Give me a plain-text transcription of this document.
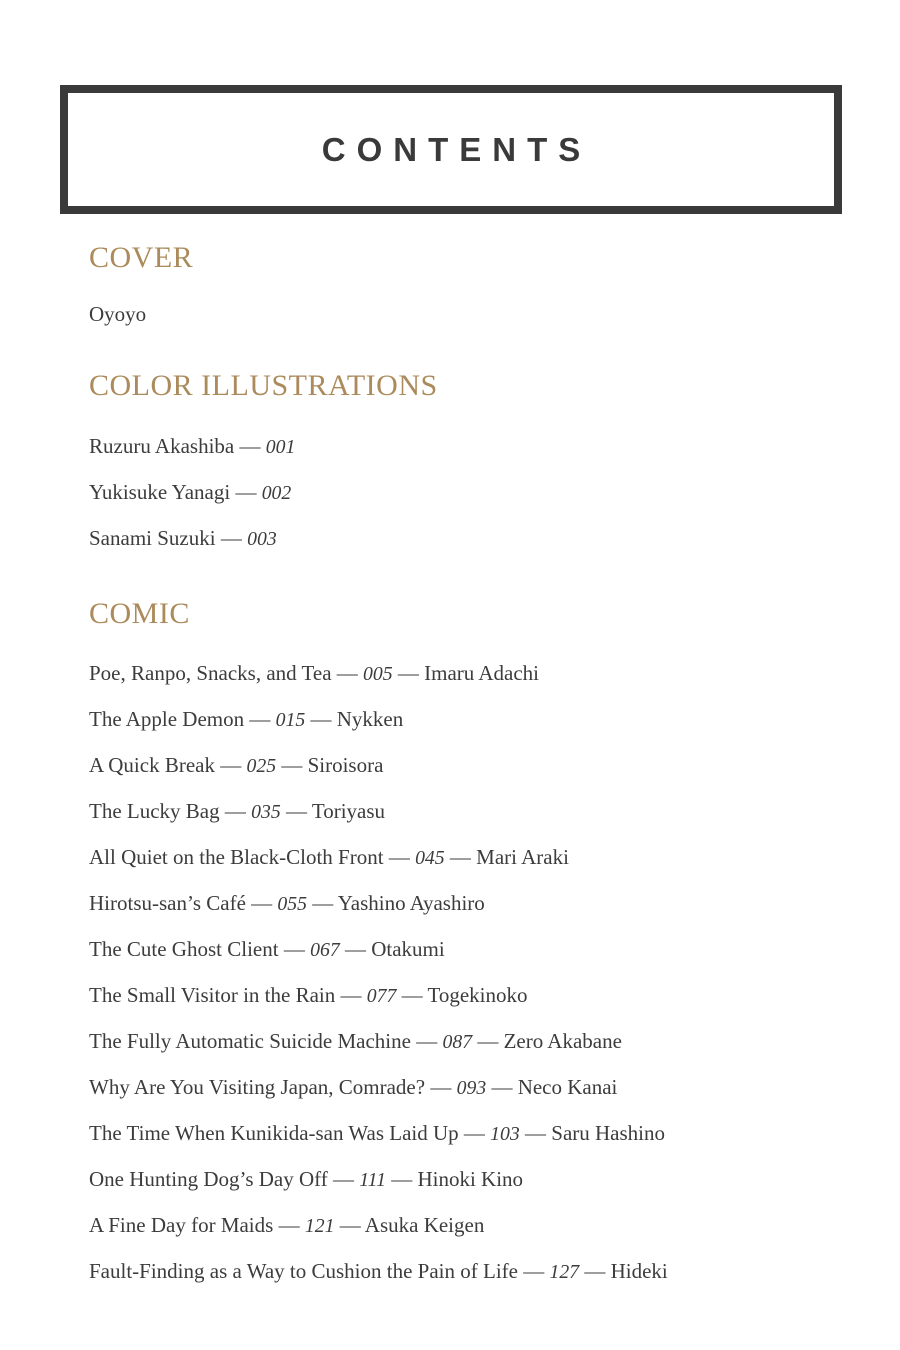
CONTENTS
COVER
Oyoyo
COLOR ILLUSTRATIONS
Ruzuru Akashiba — 001
Yukisuke Yanagi — 002
Sanami Suzuki — 003
COMIC
Poe, Ranpo, Snacks, and Tea — 005 — Imaru Adachi
The Apple Demon — 015 — Nykken
A Quick Break — 025 — Siroisora
The Lucky Bag — 035 — Toriyasu
All Quiet on the Black-Cloth Front — 045 — Mari Araki
Hirotsu-san’s Café — 055 — Yashino Ayashiro
The Cute Ghost Client — 067 — Otakumi
The Small Visitor in the Rain — 077 — Togekinoko
The Fully Automatic Suicide Machine — 087 — Zero Akabane
Why Are You Visiting Japan, Comrade? — 093 — Neco Kanai
The Time When Kunikida-san Was Laid Up — 103 — Saru Hashino
One Hunting Dog’s Day Off — 111 — Hinoki Kino
A Fine Day for Maids — 121 — Asuka Keigen
Fault-Finding as a Way to Cushion the Pain of Life — 127 — Hideki
